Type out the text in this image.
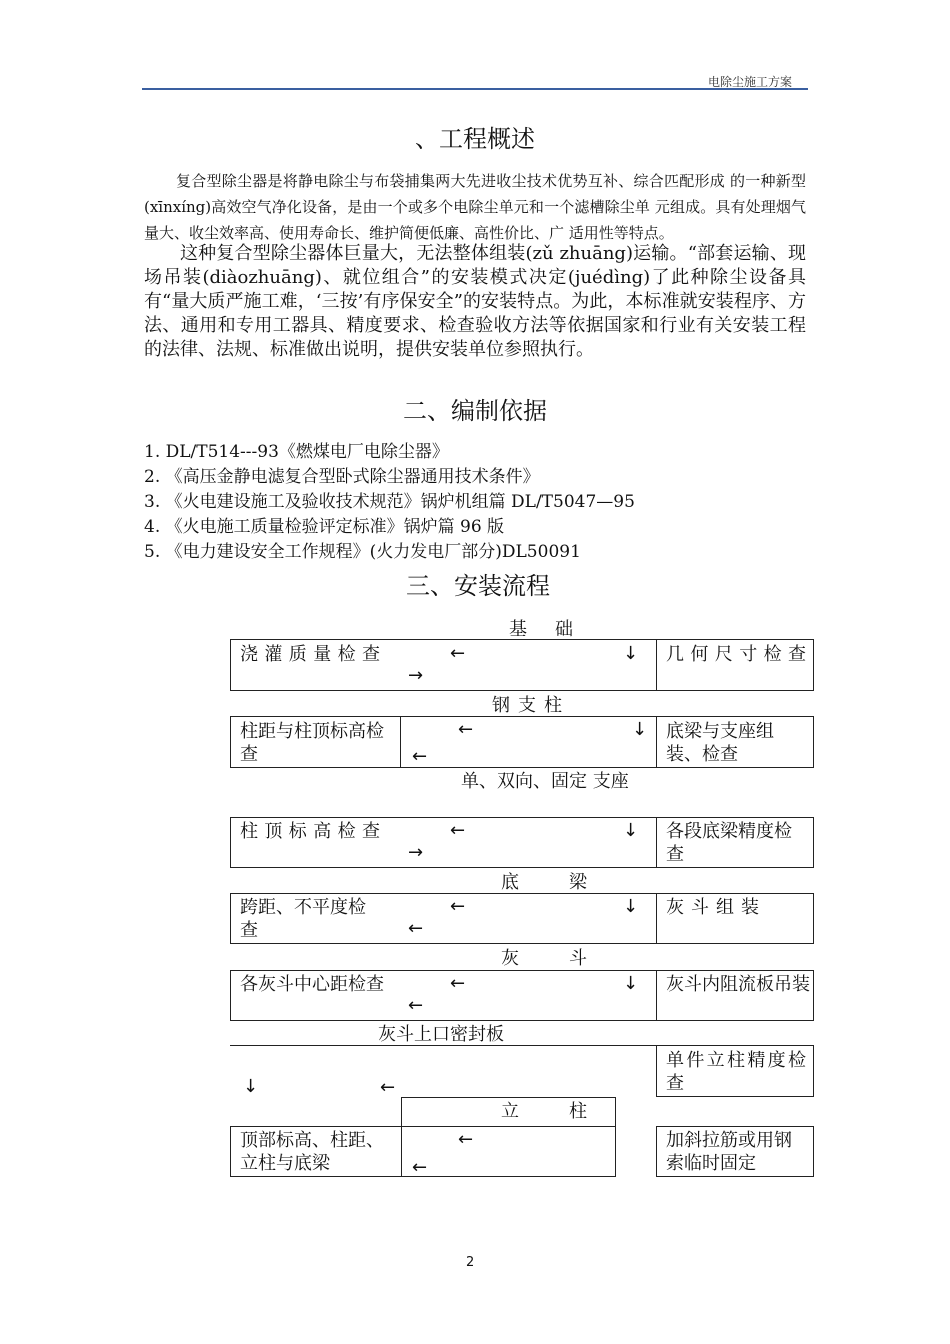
电除尘施工方案
、工程概述
复合型除尘器是将静电除尘与布袋捕集两大先进收尘技术优势互补、综合匹配形成 的一种新型(xīnxíng)高效空气净化设备，是由一个或多个电除尘单元和一个滤槽除尘单 元组成。具有处理烟气量大、收尘效率高、使用寿命长、维护简便低廉、高性价比、广 适用性等特点。
这种复合型除尘器体巨量大，无法整体组装(zǔ zhuāng)运输。“部套运输、现场吊装(diàozhuāng)、就位组合”的安装模式决定(juédìng)了此种除尘设备具有“量大质严施工难，‘三按’有序保安全”的安装特点。为此，本标准就安装程序、方法、通用和专用工器具、精度要求、检查验收方法等依据国家和行业有关安装工程的法律、法规、标准做出说明，提供安装单位参照执行。
二、编制依据
1. DL/T514---93《燃煤电厂电除尘器》
2. 《高压金静电滤复合型卧式除尘器通用技术条件》
3. 《火电建设施工及验收技术规范》锅炉机组篇 DL/T5047—95
4. 《火电施工质量检验评定标准》锅炉篇 96 版
5. 《电力建设安全工作规程》(火力发电厂部分)DL50091
三、安装流程
基础
浇灌质量检查	几何尺寸检查
←	↓
→
钢支柱
柱距与柱顶标高检查
底梁与支座组装、检查
←	↓
←
单、双向、固定 支座
柱顶标高检查	各段底梁精度检查
←	↓
→
底梁
跨距、不平度检查
灰斗组装
←	↓
←
灰斗
各灰斗中心距检查	灰斗内阻流板吊装
←	↓
←
灰斗上口密封板
单件立柱精度检查
↓	←
立柱
顶部标高、柱距、立柱与底梁
←
←
加斜拉筋或用钢索临时固定
2
